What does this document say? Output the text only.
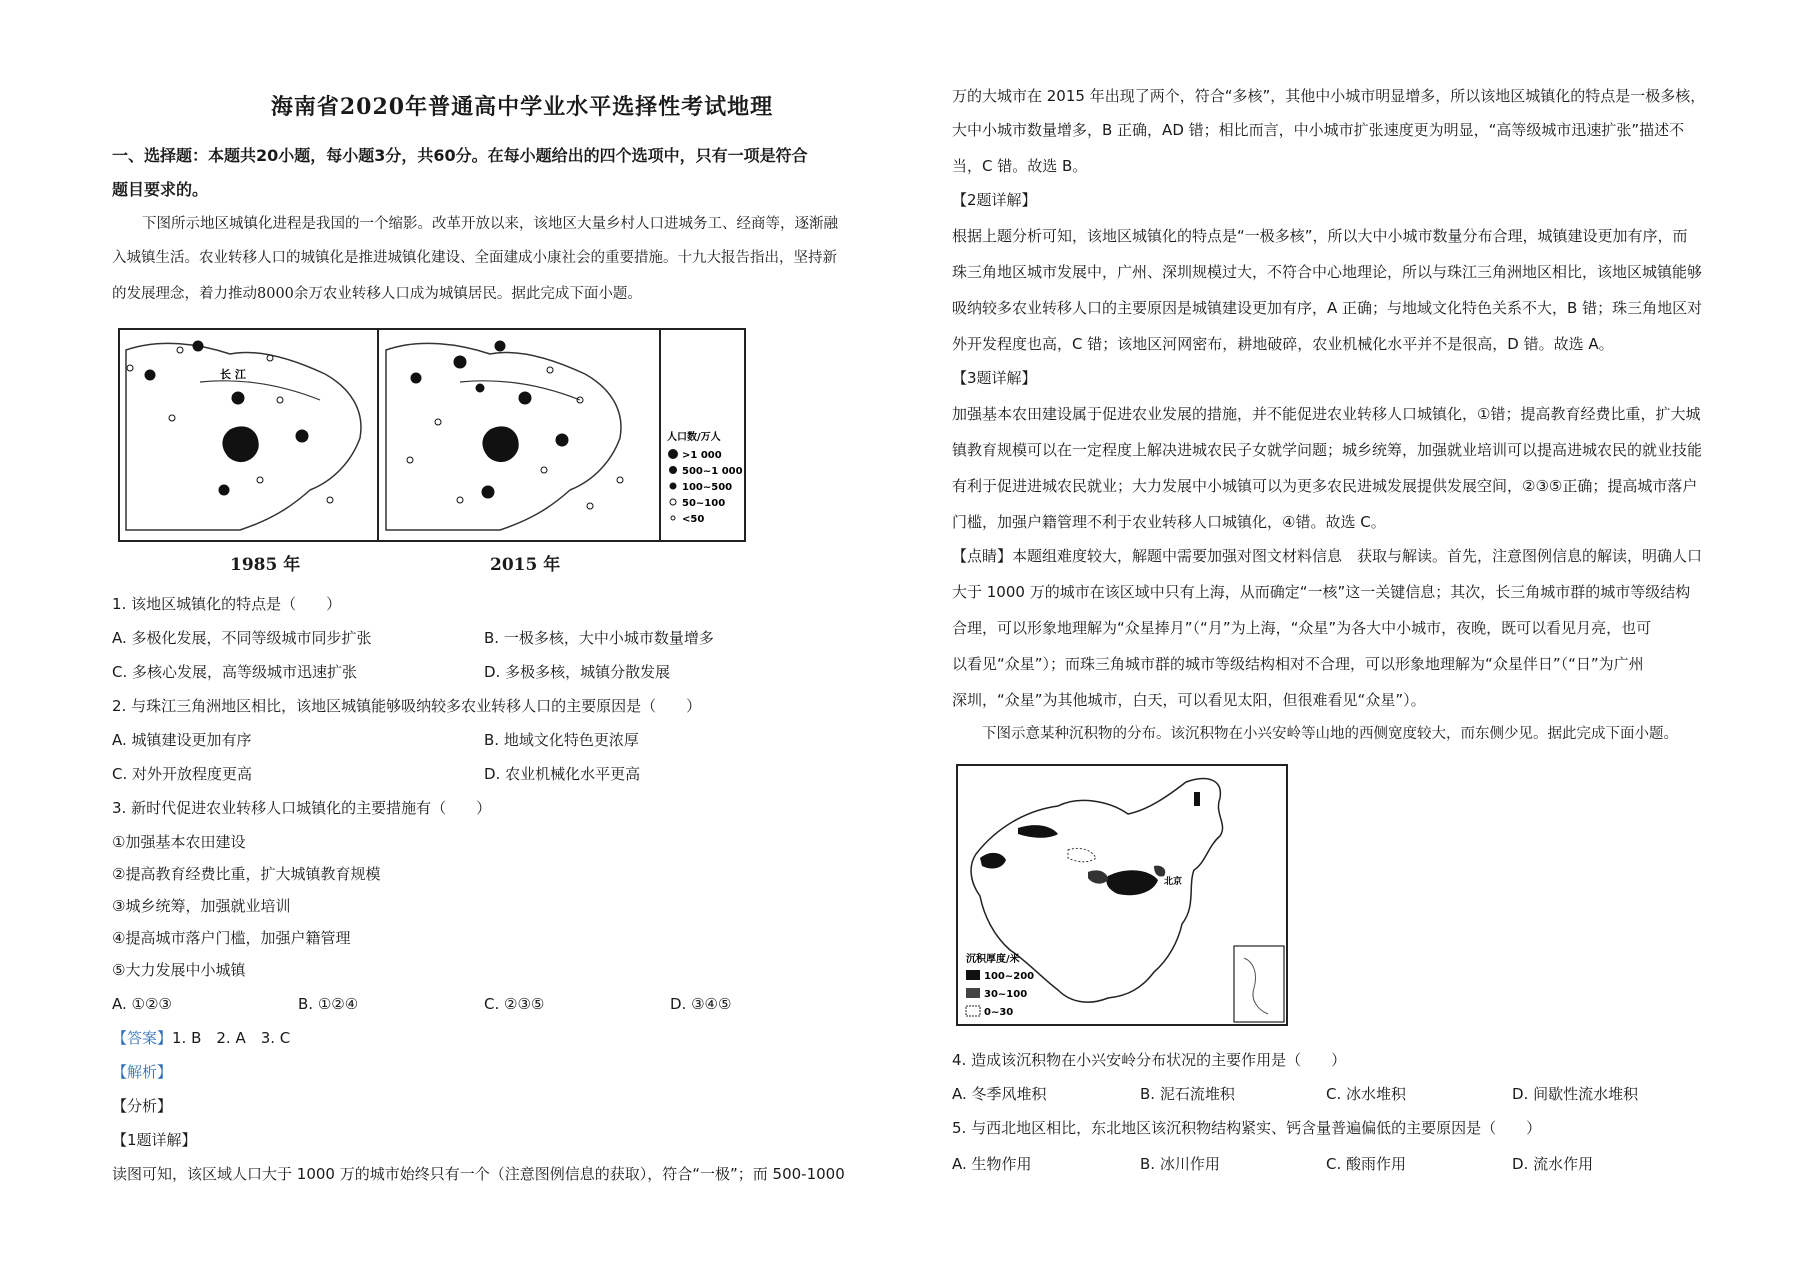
海南省2020年普通高中学业水平选择性考试地理
一、选择题：本题共20小题，每小题3分，共60分。在每小题给出的四个选项中，只有一项是符合
题目要求的。
下图所示地区城镇化进程是我国的一个缩影。改革开放以来，该地区大量乡村人口进城务工、经商等，逐渐融
入城镇生活。农业转移人口的城镇化是推进城镇化建设、全面建成小康社会的重要措施。十九大报告指出，坚持新
的发展理念，着力推动8000余万农业转移人口成为城镇居民。据此完成下面小题。
长 江
人口数/万人
>1 000
500~1 000
100~500
50~100
<50
1985 年	2015 年
1. 该地区城镇化的特点是（　　）
A. 多极化发展，不同等级城市同步扩张	B. 一极多核，大中小城市数量增多
C. 多核心发展，高等级城市迅速扩张	D. 多极多核，城镇分散发展
2. 与珠江三角洲地区相比，该地区城镇能够吸纳较多农业转移人口的主要原因是（　　）
A. 城镇建设更加有序	B. 地域文化特色更浓厚
C. 对外开放程度更高	D. 农业机械化水平更高
3. 新时代促进农业转移人口城镇化的主要措施有（　　）
①加强基本农田建设
②提高教育经费比重，扩大城镇教育规模
③城乡统筹，加强就业培训
④提高城市落户门槛，加强户籍管理
⑤大力发展中小城镇
A. ①②③	B. ①②④	C. ②③⑤	D. ③④⑤
【答案】1. B　2. A　3. C
【解析】
【分析】
【1题详解】
读图可知，该区域人口大于 1000 万的城市始终只有一个（注意图例信息的获取），符合“一极”；而 500-1000
万的大城市在 2015 年出现了两个，符合“多核”，其他中小城市明显增多，所以该地区城镇化的特点是一极多核，
大中小城市数量增多，B 正确，AD 错；相比而言，中小城市扩张速度更为明显，“高等级城市迅速扩张”描述不
当，C 错。故选 B。
【2题详解】
根据上题分析可知，该地区城镇化的特点是“一极多核”，所以大中小城市数量分布合理，城镇建设更加有序，而
珠三角地区城市发展中，广州、深圳规模过大，不符合中心地理论，所以与珠江三角洲地区相比，该地区城镇能够
吸纳较多农业转移人口的主要原因是城镇建设更加有序，A 正确；与地域文化特色关系不大，B 错；珠三角地区对
外开发程度也高，C 错；该地区河网密布，耕地破碎，农业机械化水平并不是很高，D 错。故选 A。
【3题详解】
加强基本农田建设属于促进农业发展的措施，并不能促进农业转移人口城镇化，①错；提高教育经费比重，扩大城
镇教育规模可以在一定程度上解决进城农民子女就学问题；城乡统筹，加强就业培训可以提高进城农民的就业技能
有利于促进进城农民就业；大力发展中小城镇可以为更多农民进城发展提供发展空间，②③⑤正确；提高城市落户
门槛，加强户籍管理不利于农业转移人口城镇化，④错。故选 C。
【点睛】本题组难度较大，解题中需要加强对图文材料信息　获取与解读。首先，注意图例信息的解读，明确人口
大于 1000 万的城市在该区域中只有上海，从而确定“一核”这一关键信息；其次，长三角城市群的城市等级结构
合理，可以形象地理解为“众星捧月”（“月”为上海，“众星”为各大中小城市，夜晚，既可以看见月亮，也可
以看见“众星”）；而珠三角城市群的城市等级结构相对不合理，可以形象地理解为“众星伴日”（“日”为广州
深圳，“众星”为其他城市，白天，可以看见太阳，但很难看见“众星”）。
下图示意某种沉积物的分布。该沉积物在小兴安岭等山地的西侧宽度较大，而东侧少见。据此完成下面小题。
北京
沉积厚度/米
100~200
30~100
0~30
4. 造成该沉积物在小兴安岭分布状况的主要作用是（　　）
A. 冬季风堆积	B. 泥石流堆积	C. 冰水堆积	D. 间歇性流水堆积
5. 与西北地区相比，东北地区该沉积物结构紧实、钙含量普遍偏低的主要原因是（　　）
A. 生物作用	B. 冰川作用	C. 酸雨作用	D. 流水作用
